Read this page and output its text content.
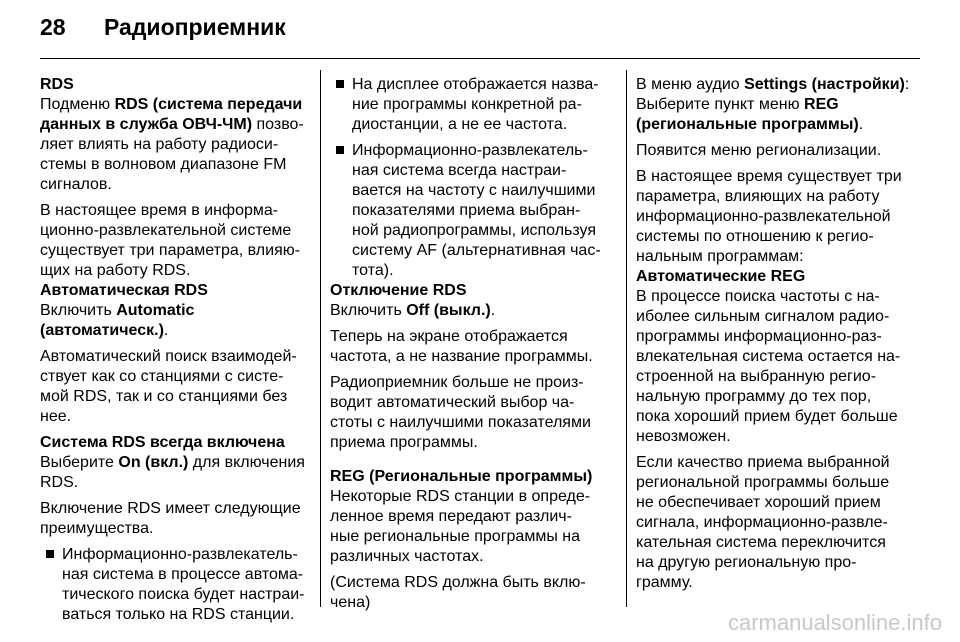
28 Радиоприемник
RDS
Подменю RDS (система передачи
данных в служба ОВЧ-ЧМ) позво-
ляет влиять на работу радиоси-
стемы в волновом диапазоне FM
сигналов.
В настоящее время в информа-
ционно-развлекательной системе
существует три параметра, влияю-
щих на работу RDS.
Автоматическая RDS
Включить Automatic
(автоматическ.).
Автоматический поиск взаимодей-
ствует как со станциями с систе-
мой RDS, так и со станциями без
нее.
Система RDS всегда включена
Выберите On (вкл.) для включения
RDS.
Включение RDS имеет следующие
преимущества.
Информационно-развлекатель-
ная система в процессе автома-
тического поиска будет настраи-
ваться только на RDS станции.
На дисплее отображается назва-
ние программы конкретной ра-
диостанции, а не ее частота.
Информационно-развлекатель-
ная система всегда настраи-
вается на частоту с наилучшими
показателями приема выбран-
ной радиопрограммы, используя
систему AF (альтернативная час-
тота).
Отключение RDS
Включить Off (выкл.).
Теперь на экране отображается
частота, а не название программы.
Радиоприемник больше не произ-
водит автоматический выбор ча-
стоты с наилучшими показателями
приема программы.
REG (Региональные программы)
Некоторые RDS станции в опреде-
ленное время передают различ-
ные региональные программы на
различных частотах.
(Система RDS должна быть вклю-
чена)
В меню аудио Settings (настройки):
Выберите пункт меню REG
(региональные программы).
Появится меню регионализации.
В настоящее время существует три
параметра, влияющих на работу
информационно-развлекательной
системы по отношению к регио-
нальным программам:
Автоматические REG
В процессе поиска частоты с на-
иболее сильным сигналом радио-
программы информационно-раз-
влекательная система остается на-
строенной на выбранную регио-
нальную программу до тех пор,
пока хороший прием будет больше
невозможен.
Если качество приема выбранной
региональной программы больше
не обеспечивает хороший прием
сигнала, информационно-развле-
кательная система переключится
на другую региональную про-
грамму.
carmanualsonline.info
